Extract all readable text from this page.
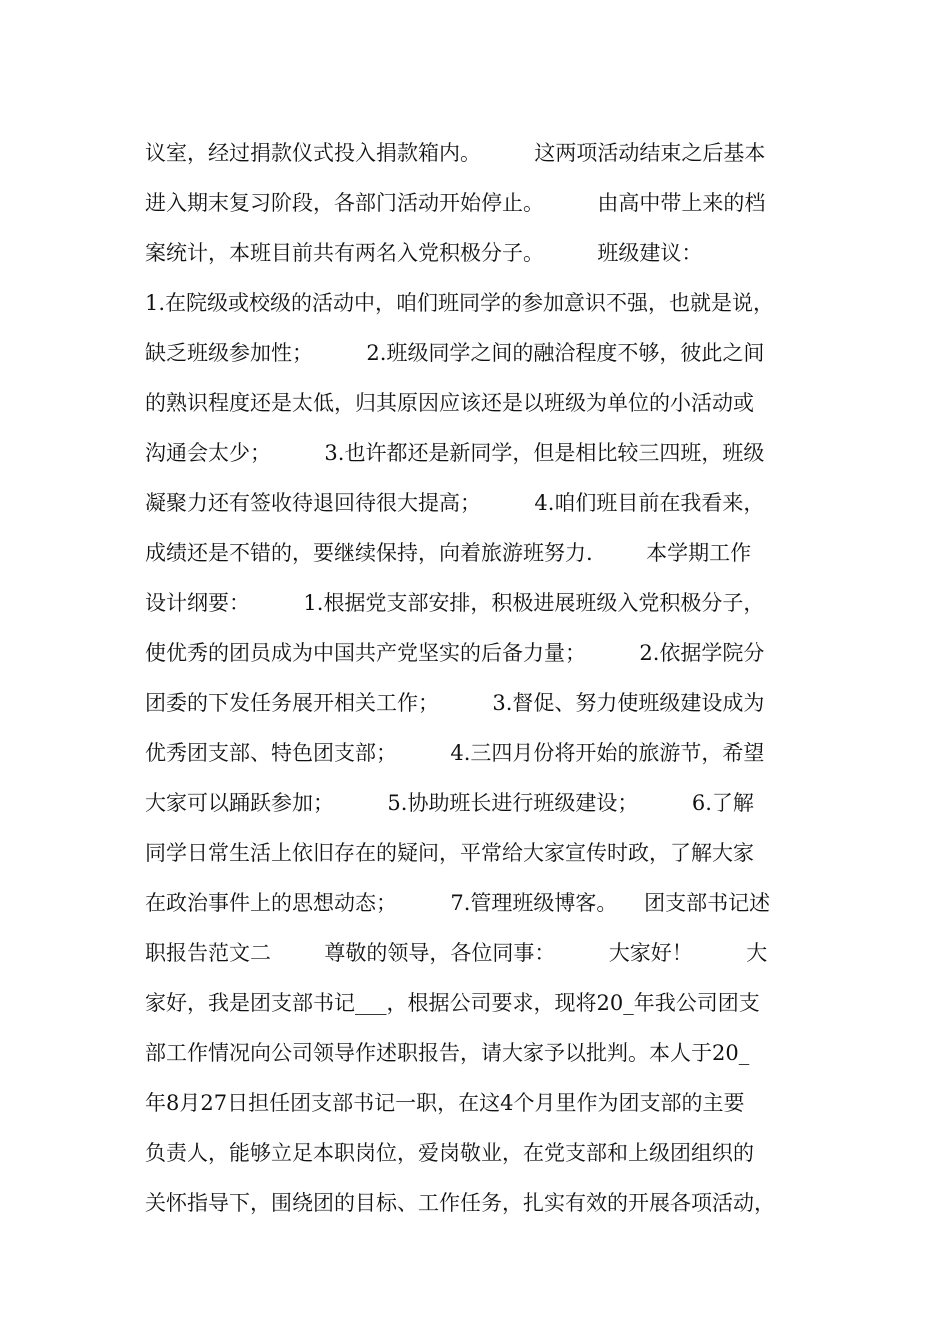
议室，经过捐款仪式投入捐款箱内。        这两项活动结束之后基本
进入期末复习阶段，各部门活动开始停止。        由高中带上来的档
案统计，本班目前共有两名入党积极分子。        班级建议：
1.在院级或校级的活动中，咱们班同学的参加意识不强，也就是说，
缺乏班级参加性；        2.班级同学之间的融洽程度不够，彼此之间
的熟识程度还是太低，归其原因应该还是以班级为单位的小活动或
沟通会太少；        3.也许都还是新同学，但是相比较三四班，班级
凝聚力还有签收待退回待很大提高；        4.咱们班目前在我看来，
成绩还是不错的，要继续保持，向着旅游班努力.        本学期工作
设计纲要：        1.根据党支部安排，积极进展班级入党积极分子，
使优秀的团员成为中国共产党坚实的后备力量；        2.依据学院分
团委的下发任务展开相关工作；        3.督促、努力使班级建设成为
优秀团支部、特色团支部；        4.三四月份将开始的旅游节，希望
大家可以踊跃参加；        5.协助班长进行班级建设；        6.了解
同学日常生活上依旧存在的疑问，平常给大家宣传时政，了解大家
在政治事件上的思想动态；        7.管理班级博客。    团支部书记述
职报告范文二        尊敬的领导，各位同事：        大家好！        大
家好，我是团支部书记___，根据公司要求，现将20_年我公司团支
部工作情况向公司领导作述职报告，请大家予以批判。本人于20_
年8月27日担任团支部书记一职，在这4个月里作为团支部的主要
负责人，能够立足本职岗位，爱岗敬业，在党支部和上级团组织的
关怀指导下，围绕团的目标、工作任务，扎实有效的开展各项活动，
